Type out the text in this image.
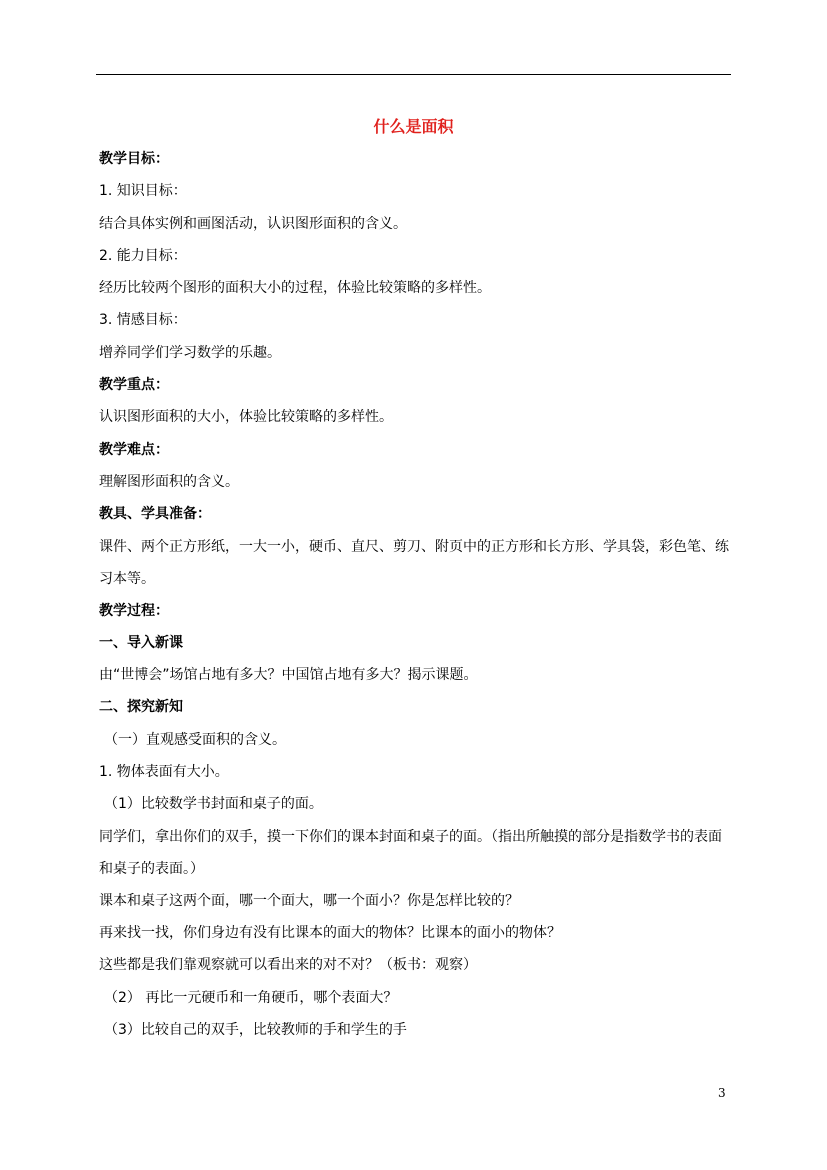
什么是面积
教学目标：
1. 知识目标：
结合具体实例和画图活动，认识图形面积的含义。
2. 能力目标：
经历比较两个图形的面积大小的过程，体验比较策略的多样性。
3. 情感目标：
增养同学们学习数学的乐趣。
教学重点：
认识图形面积的大小，体验比较策略的多样性。
教学难点：
理解图形面积的含义。
教具、学具准备：
课件、两个正方形纸，一大一小，硬币、直尺、剪刀、附页中的正方形和长方形、学具袋，彩色笔、练习本等。
教学过程：
一、导入新课
由“世博会”场馆占地有多大？中国馆占地有多大？揭示课题。
二、探究新知
（一）直观感受面积的含义。
1. 物体表面有大小。
（1）比较数学书封面和桌子的面。
同学们，拿出你们的双手，摸一下你们的课本封面和桌子的面。（指出所触摸的部分是指数学书的表面和桌子的表面。）
课本和桌子这两个面，哪一个面大，哪一个面小？你是怎样比较的？
再来找一找，你们身边有没有比课本的面大的物体？比课本的面小的物体？
这些都是我们靠观察就可以看出来的对不对？（板书：观察）
（2） 再比一元硬币和一角硬币，哪个表面大？
（3）比较自己的双手，比较教师的手和学生的手
3
